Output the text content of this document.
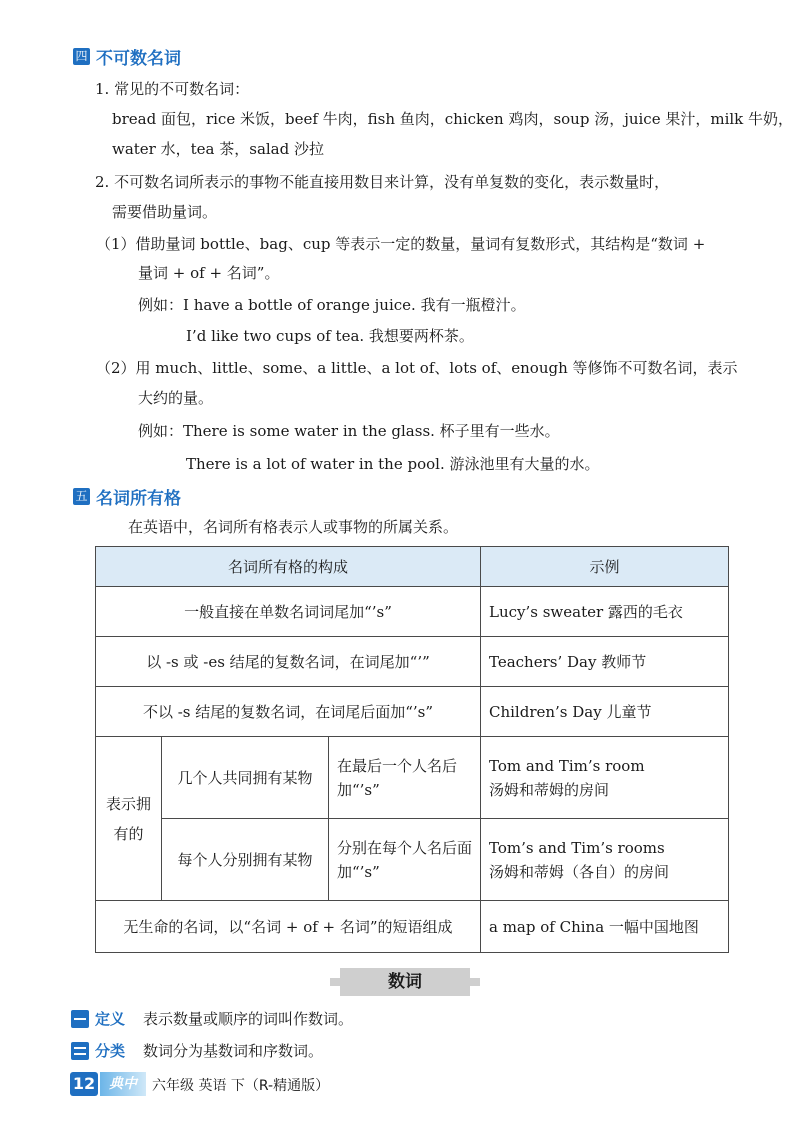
四 不可数名词
1. 常见的不可数名词：
bread 面包，rice 米饭，beef 牛肉，fish 鱼肉，chicken 鸡肉，soup 汤，juice 果汁，milk 牛奶，
water 水，tea 茶，salad 沙拉
2. 不可数名词所表示的事物不能直接用数目来计算，没有单复数的变化，表示数量时，
需要借助量词。
（1）借助量词 bottle、bag、cup 等表示一定的数量，量词有复数形式，其结构是“数词 +
量词 + of + 名词”。
例如：I have a bottle of orange juice. 我有一瓶橙汁。
I’d like two cups of tea. 我想要两杯茶。
（2）用 much、little、some、a little、a lot of、lots of、enough 等修饰不可数名词，表示
大约的量。
例如：There is some water in the glass. 杯子里有一些水。
There is a lot of water in the pool. 游泳池里有大量的水。
五 名词所有格
在英语中，名词所有格表示人或事物的所属关系。
名词所有格的构成			示例
一般直接在单数名词词尾加“’s”			Lucy’s sweater 露西的毛衣
以 -s 或 -es 结尾的复数名词，在词尾加“’”			Teachers’ Day 教师节
不以 -s 结尾的复数名词，在词尾后面加“’s”			Children’s Day 儿童节
表示拥有的	几个人共同拥有某物	在最后一个人名后加“’s”	Tom and Tim’s room
汤姆和蒂姆的房间

	每个人分别拥有某物	分别在每个人名后面加“’s”	Tom’s and Tim’s rooms
汤姆和蒂姆（各自）的房间

无生命的名词，以“名词 + of + 名词”的短语组成			a map of China 一幅中国地图
数词
定义 表示数量或顺序的词叫作数词。
分类 数词分为基数词和序数词。
12 典中	六年级 英语 下（R-精通版）
